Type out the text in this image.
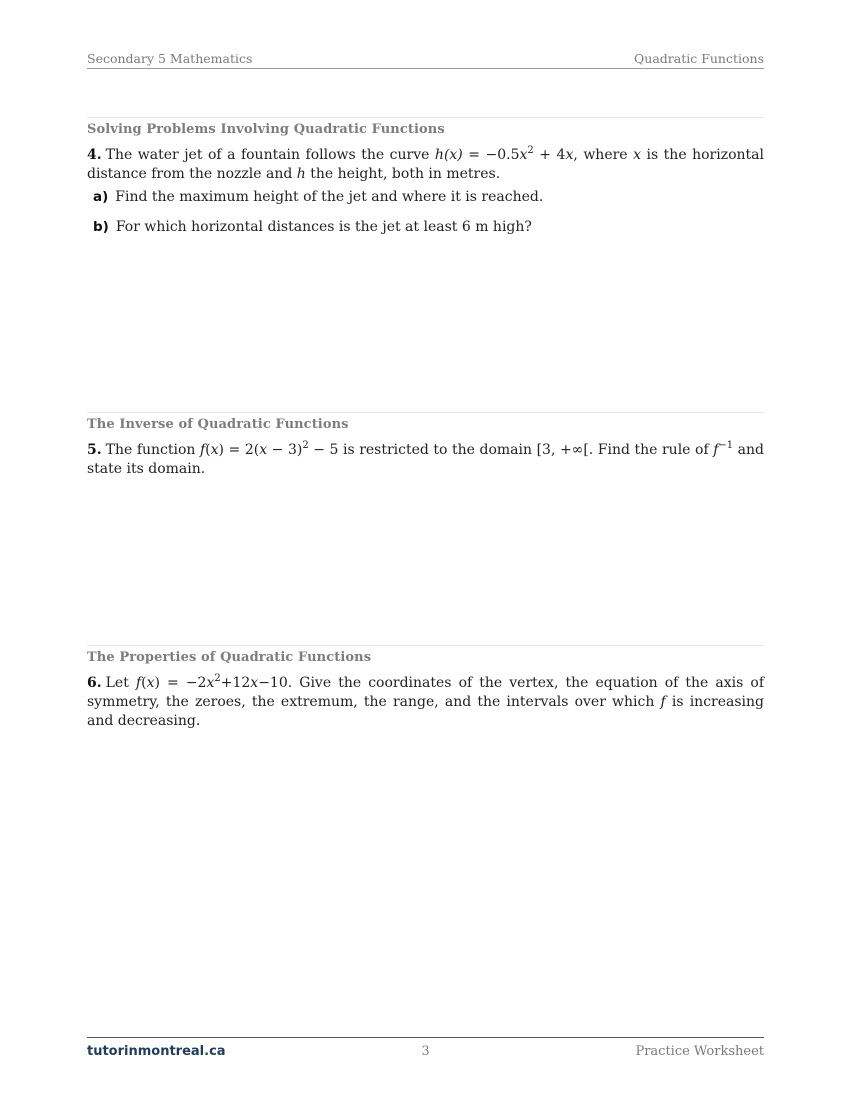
Secondary 5 Mathematics	Quadratic Functions
Solving Problems Involving Quadratic Functions
4. The water jet of a fountain follows the curve $h(x) = -0.5x^2 + 4x$, where x is the horizontal distance from the nozzle and h the height, both in metres.
a) Find the maximum height of the jet and where it is reached.
b) For which horizontal distances is the jet at least 6 m high?
The Inverse of Quadratic Functions
5. The function $f(x) = 2(x - 3)^2 - 5$ is restricted to the domain [3, +∞[. Find the rule of $f^{-1}$ and state its domain.
The Properties of Quadratic Functions
6. Let $f(x) = -2x^2+12x-10$. Give the coordinates of the vertex, the equation of the axis of symmetry, the zeroes, the extremum, the range, and the intervals over which f is increasing and decreasing.
tutorinmontreal.ca	3	Practice Worksheet
